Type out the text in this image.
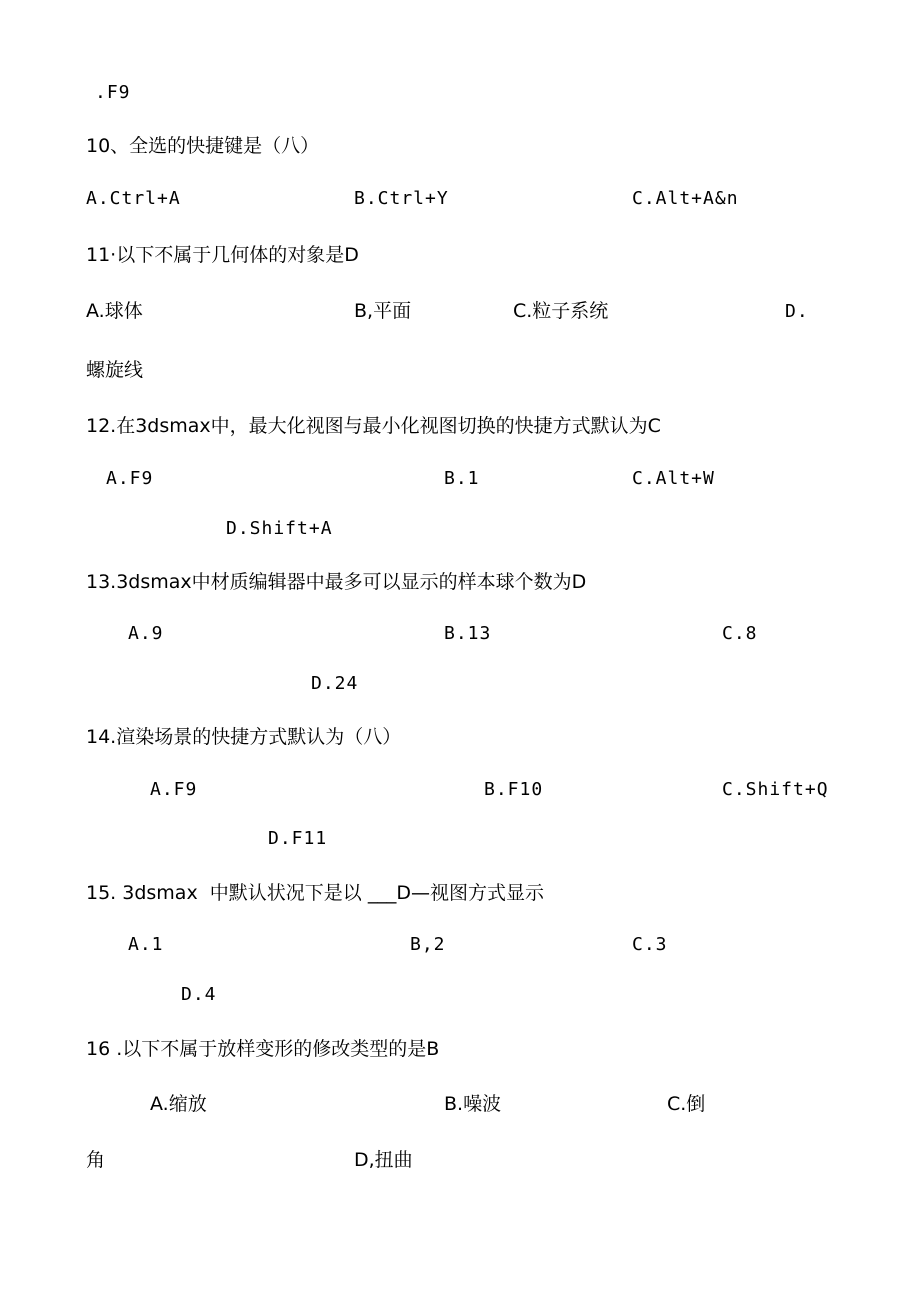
.F9
10、全选的快捷键是（八）
A.Ctrl+A	B.Ctrl+Y	C.Alt+A&n
11·以下不属于几何体的对象是D
A.球体	B,平面	C.粒子系统	D.
螺旋线
12.在3dsmax中，最大化视图与最小化视图切换的快捷方式默认为C
A.F9	B.1	C.Alt+W
D.Shift+A
13.3dsmax中材质编辑器中最多可以显示的样本球个数为D
A.9	B.13	C.8
D.24
14.渲染场景的快捷方式默认为（八）
A.F9	B.F10	C.Shift+Q
D.F11
15. 3dsmax  中默认状况下是以 ___D—视图方式显示
A.1	B,2	C.3
D.4
16 .以下不属于放样变形的修改类型的是B
A.缩放	B.噪波	C.倒
角	D,扭曲
